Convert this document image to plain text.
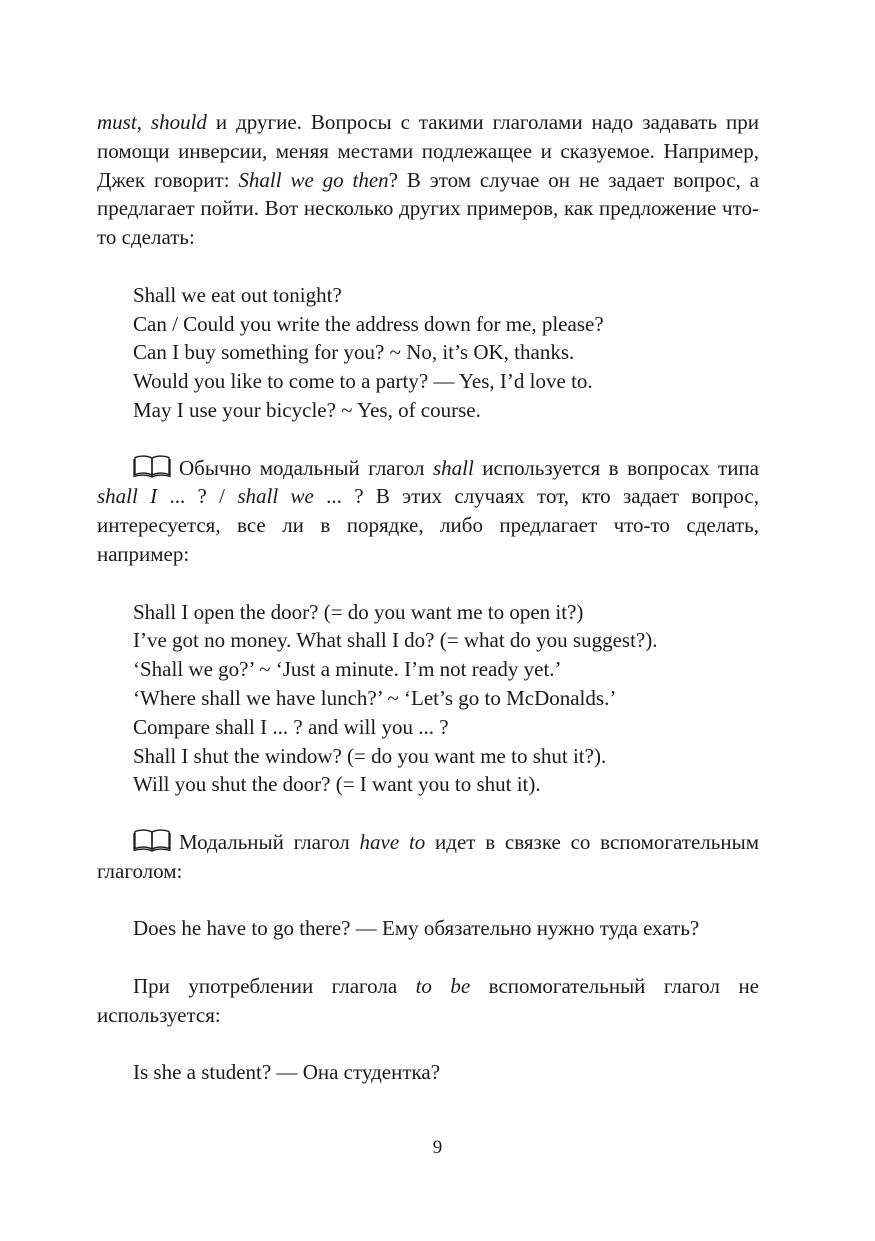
must, should и другие. Вопросы с такими глаголами надо задавать при помощи инверсии, меняя местами подлежащее и сказуемое. Например, Джек говорит: Shall we go then? В этом случае он не задает вопрос, а предлагает пойти. Вот несколько других примеров, как предложение что-то сделать:

Shall we eat out tonight?
Can / Could you write the address down for me, please?
Can I buy something for you? ~ No, it’s OK, thanks.
Would you like to come to a party? — Yes, I’d love to.
May I use your bicycle? ~ Yes, of course.

Обычно модальный глагол shall используется в вопросах типа shall I ... ? / shall we ... ? В этих случаях тот, кто задает вопрос, интересуется, все ли в порядке, либо предлагает что-то сделать, например:

Shall I open the door? (= do you want me to open it?)
I’ve got no money. What shall I do? (= what do you suggest?).
‘Shall we go?’ ~ ‘Just a minute. I’m not ready yet.’
‘Where shall we have lunch?’ ~ ‘Let’s go to McDonalds.’
Compare shall I ... ? and will you ... ?
Shall I shut the window? (= do you want me to shut it?).
Will you shut the door? (= I want you to shut it).

Модальный глагол have to идет в связке со вспомогательным глаголом:

Does he have to go there? — Ему обязательно нужно туда ехать?

При употреблении глагола to be вспомогательный глагол не используется:

Is she a student? — Она студентка?

9
